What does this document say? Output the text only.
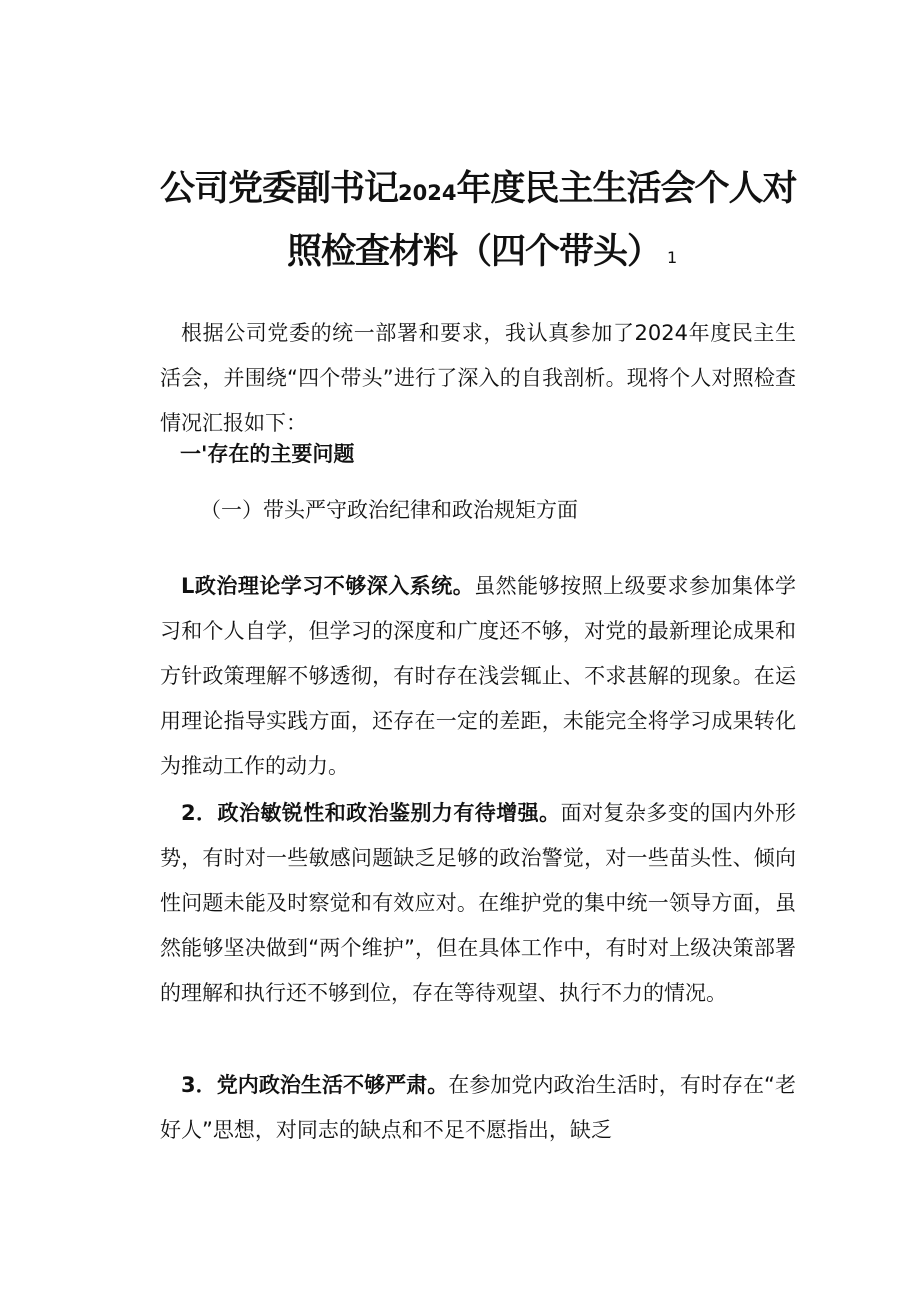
公司党委副书记2024年度民主生活会个人对
照检查材料（四个带头） 1

根据公司党委的统一部署和要求，我认真参加了2024年度民主生活会，并围绕“四个带头”进行了深入的自我剖析。现将个人对照检查情况汇报如下：

一'存在的主要问题
（一）带头严守政治纪律和政治规矩方面

L政治理论学习不够深入系统。虽然能够按照上级要求参加集体学习和个人自学，但学习的深度和广度还不够，对党的最新理论成果和方针政策理解不够透彻，有时存在浅尝辄止、不求甚解的现象。在运用理论指导实践方面，还存在一定的差距，未能完全将学习成果转化为推动工作的动力。

2．政治敏锐性和政治鉴别力有待增强。面对复杂多变的国内外形势，有时对一些敏感问题缺乏足够的政治警觉，对一些苗头性、倾向性问题未能及时察觉和有效应对。在维护党的集中统一领导方面，虽然能够坚决做到“两个维护”，但在具体工作中，有时对上级决策部署的理解和执行还不够到位，存在等待观望、执行不力的情况。

3．党内政治生活不够严肃。在参加党内政治生活时，有时存在“老好人”思想，对同志的缺点和不足不愿指出，缺乏
